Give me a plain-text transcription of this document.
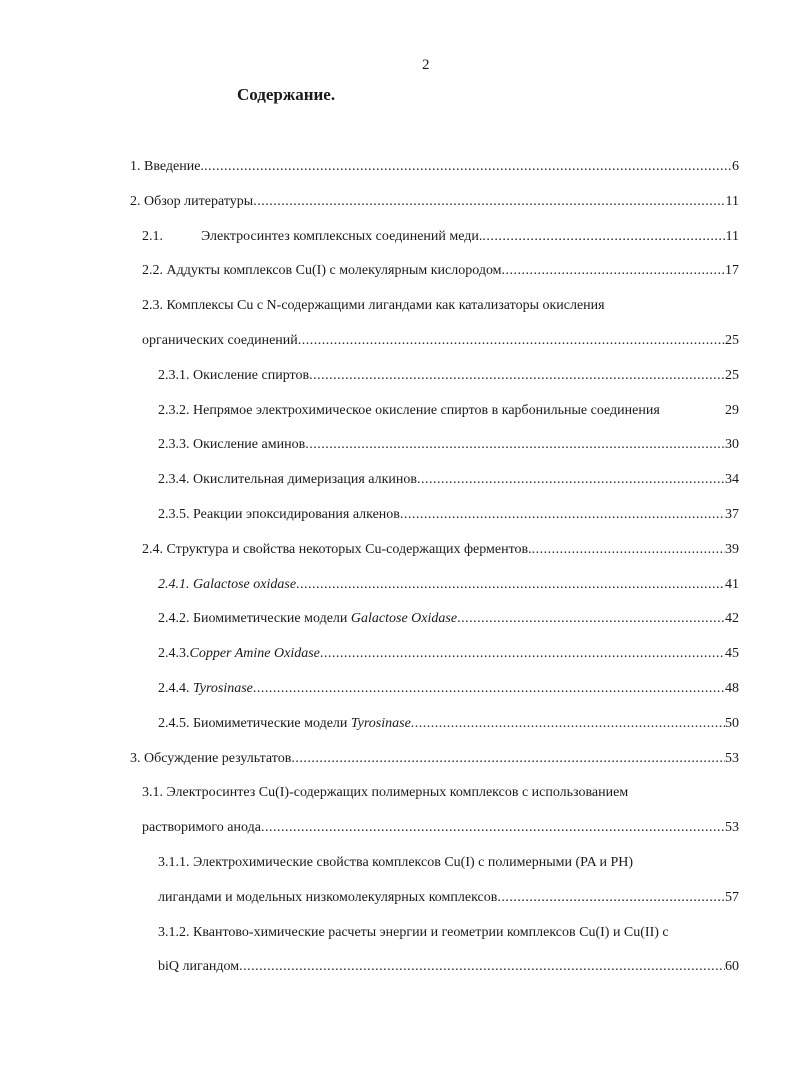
2
Содержание.
1. Введение. .....	6
2. Обзор литературы .....	11
2.1.	Электросинтез комплексных соединений меди. .....	11
2.2. Аддукты комплексов Cu(I) с молекулярным кислородом .....	17
2.3. Комплексы Cu с N-содержащими лигандами как катализаторы окисления
органических соединений .....	25
2.3.1. Окисление спиртов .....	25
2.3.2. Непрямое электрохимическое окисление спиртов в карбонильные соединения	29
2.3.3. Окисление аминов .....	30
2.3.4. Окислительная димеризация алкинов .....	34
2.3.5. Реакции эпоксидирования алкенов .....	37
2.4. Структура и свойства некоторых Cu-содержащих ферментов. .....	39
2.4.1. Galactose oxidase .....	41
2.4.2. Биомиметические модели Galactose Oxidase .....	42
2.4.3.Copper Amine Oxidase .....	45
2.4.4. Tyrosinase .....	48
2.4.5. Биомиметические модели Tyrosinase .....	50
3. Обсуждение результатов .....	53
3.1. Электросинтез Cu(I)-содержащих полимерных комплексов с использованием
растворимого анода .....	53
3.1.1. Электрохимические свойства комплексов Cu(I) с полимерными (PA и PH)
лигандами и модельных низкомолекулярных комплексов .....	57
3.1.2. Квантово-химические расчеты энергии и геометрии комплексов Cu(I) и Cu(II) с
biQ лигандом .....	60
